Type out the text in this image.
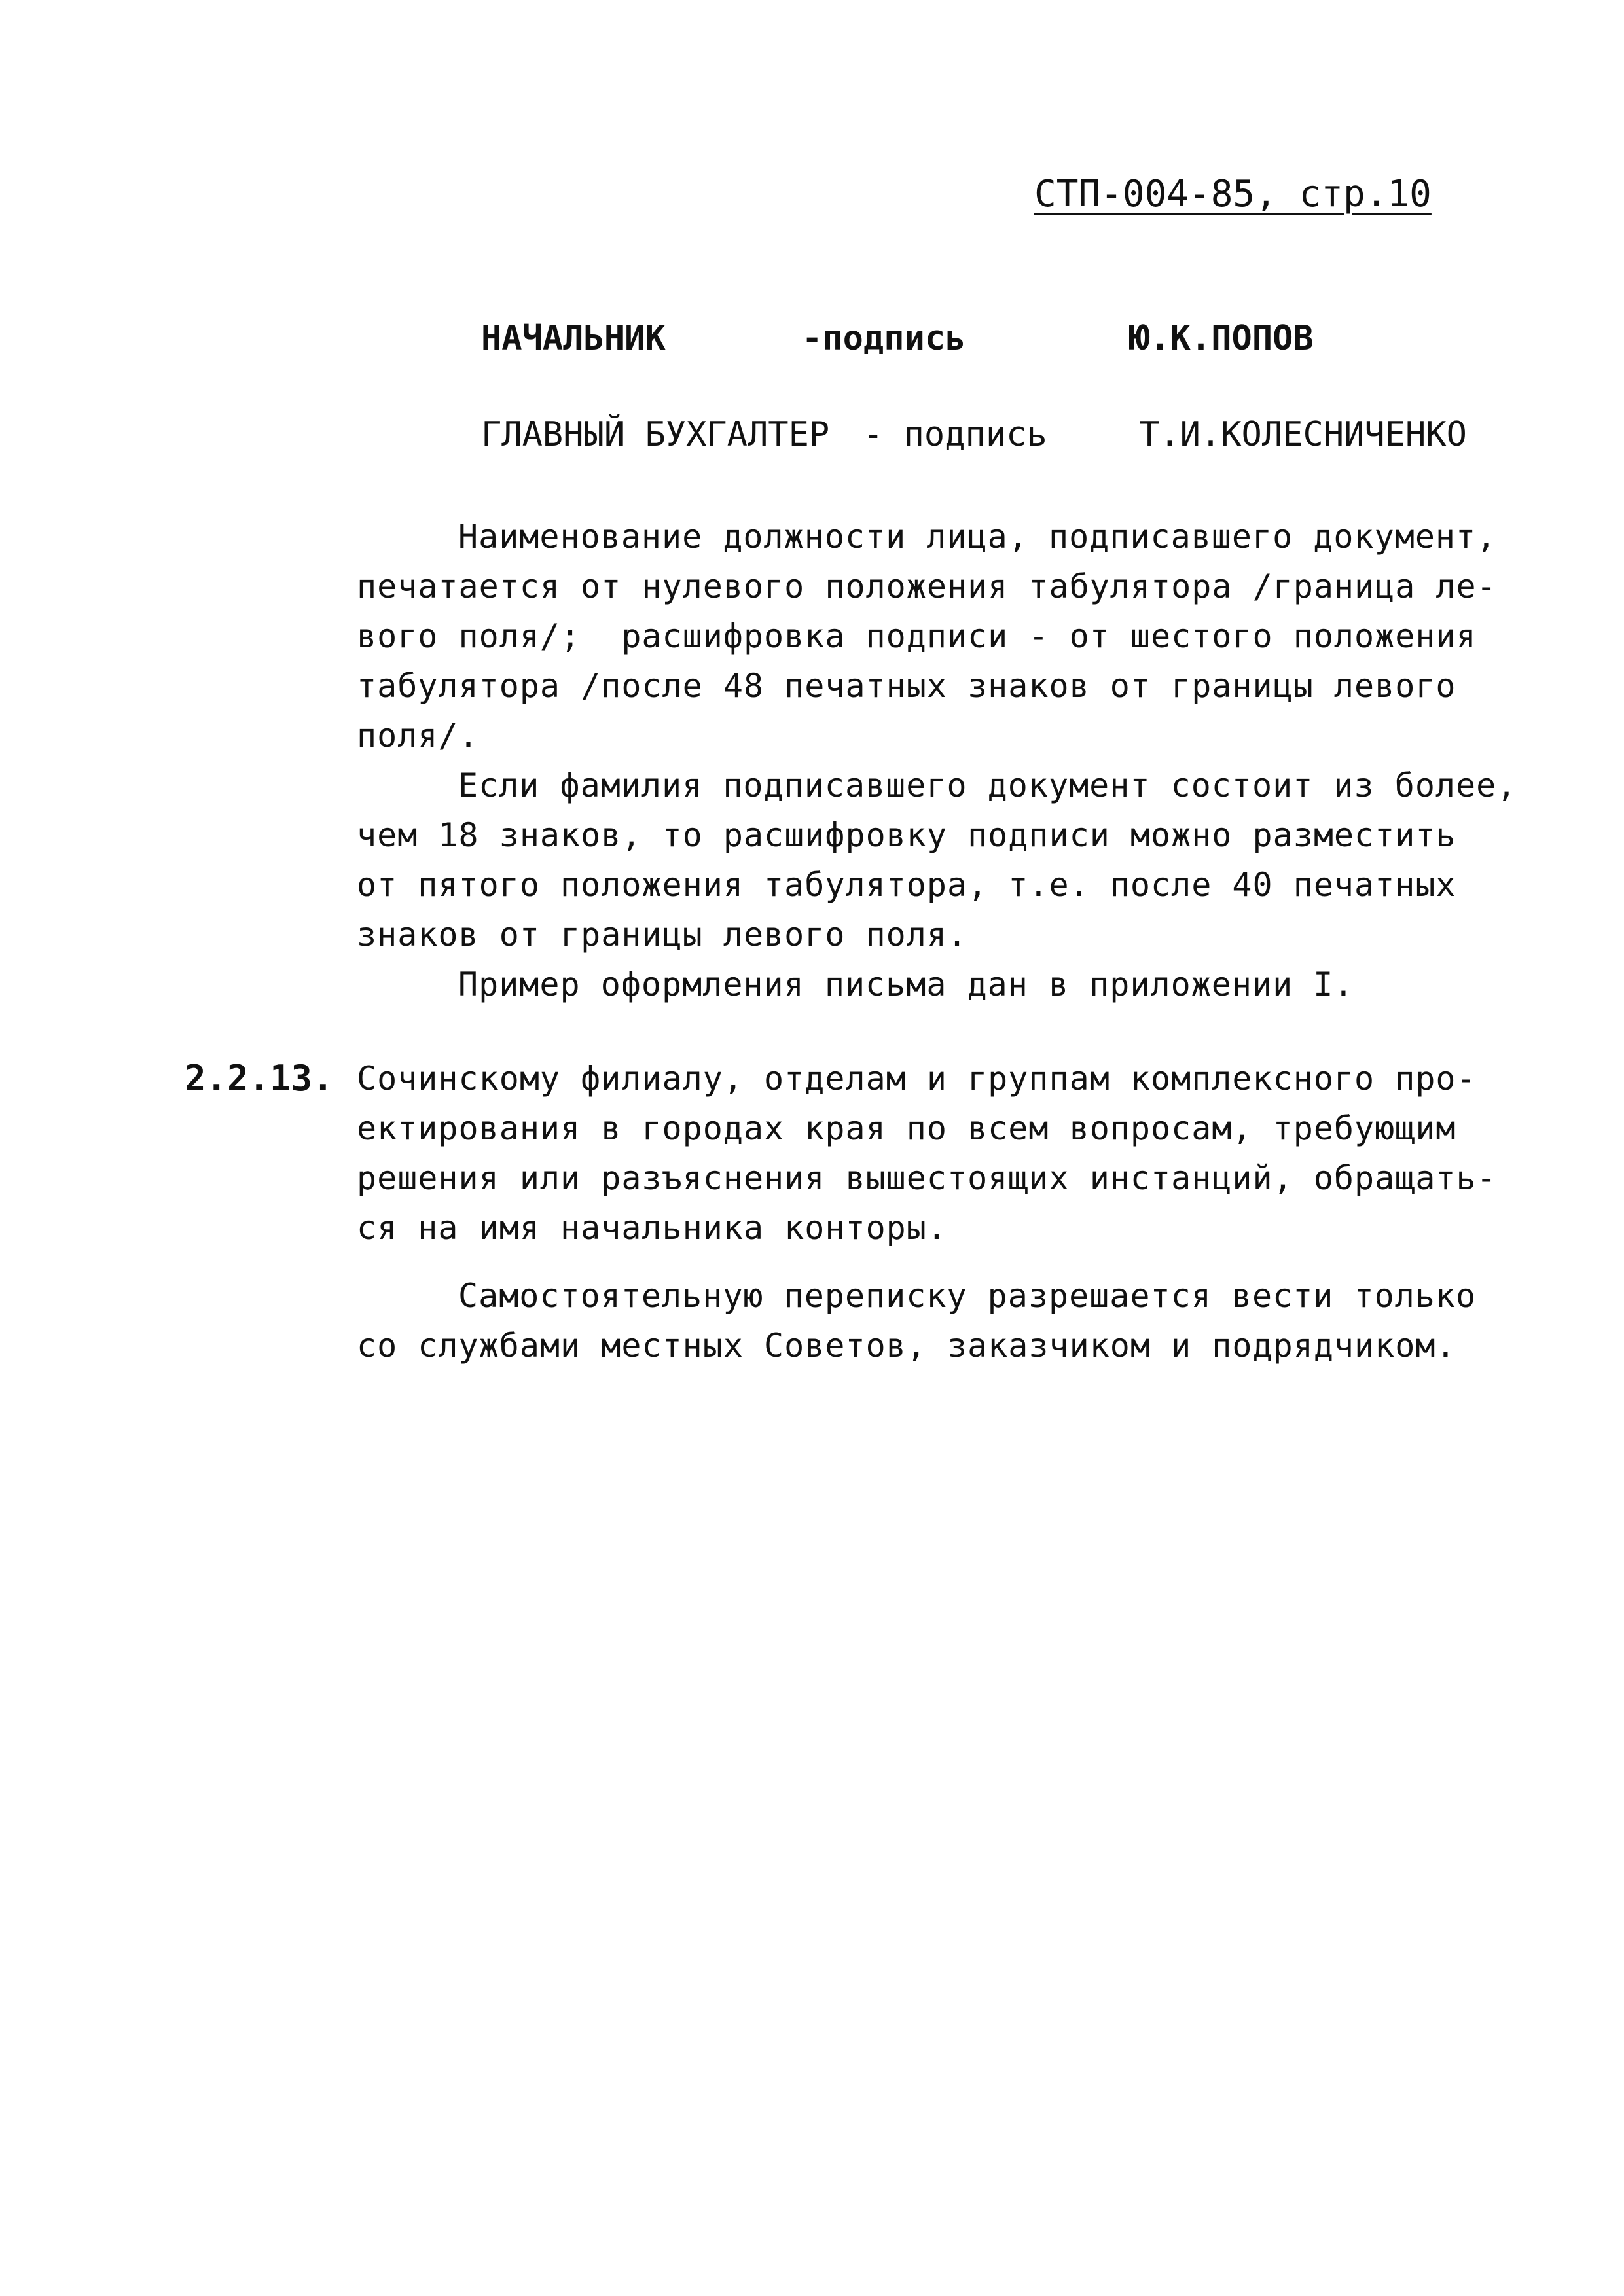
СТП-004-85, стр.10
НАЧАЛЬНИК	-подпись	Ю.К.ПОПОВ
ГЛАВНЫЙ БУХГАЛТЕР - подпись	Т.И.КОЛЕСНИЧЕНКО
Наименование должности лица, подписавшего документ,
печатается от нулевого положения табулятора /граница ле-
вого поля/;  расшифровка подписи - от шестого положения
табулятора /после 48 печатных знаков от границы левого
поля/.
Если фамилия подписавшего документ состоит из более,
чем 18 знаков, то расшифровку подписи можно разместить
от пятого положения табулятора, т.е. после 40 печатных
знаков от границы левого поля.
Пример оформления письма дан в приложении I.
2.2.13. Сочинскому филиалу, отделам и группам комплексного про-
ектирования в городах края по всем вопросам, требующим
решения или разъяснения вышестоящих инстанций, обращать-
ся на имя начальника конторы.
Самостоятельную переписку разрешается вести только
со службами местных Советов, заказчиком и подрядчиком.
